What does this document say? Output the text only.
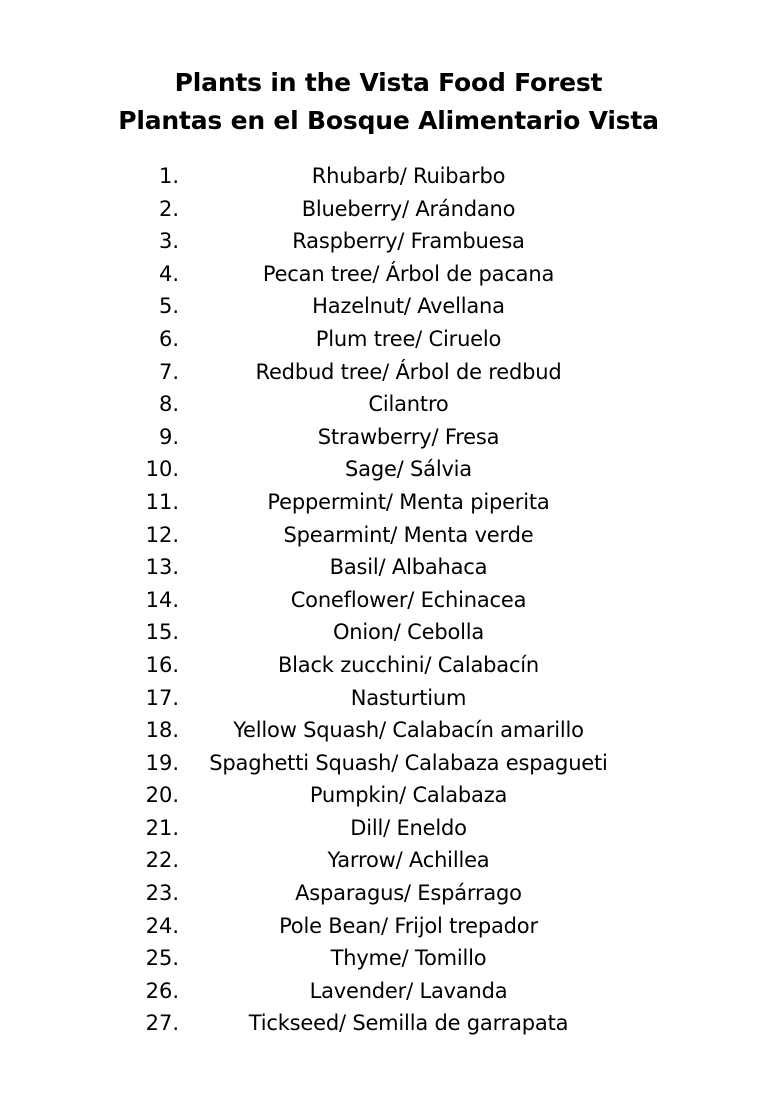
Plants in the Vista Food Forest
Plantas en el Bosque Alimentario Vista
1.	Rhubarb/ Ruibarbo
2.	Blueberry/ Arándano
3.	Raspberry/ Frambuesa
4.	Pecan tree/ Árbol de pacana
5.	Hazelnut/ Avellana
6.	Plum tree/ Ciruelo
7.	Redbud tree/ Árbol de redbud
8.	Cilantro
9.	Strawberry/ Fresa
10.	Sage/ Sálvia
11.	Peppermint/ Menta piperita
12.	Spearmint/ Menta verde
13.	Basil/ Albahaca
14.	Coneflower/ Echinacea
15.	Onion/ Cebolla
16.	Black zucchini/ Calabacín
17.	Nasturtium
18.	Yellow Squash/ Calabacín amarillo
19.	Spaghetti Squash/ Calabaza espagueti
20.	Pumpkin/ Calabaza
21.	Dill/ Eneldo
22.	Yarrow/ Achillea
23.	Asparagus/ Espárrago
24.	Pole Bean/ Frijol trepador
25.	Thyme/ Tomillo
26.	Lavender/ Lavanda
27.	Tickseed/ Semilla de garrapata
